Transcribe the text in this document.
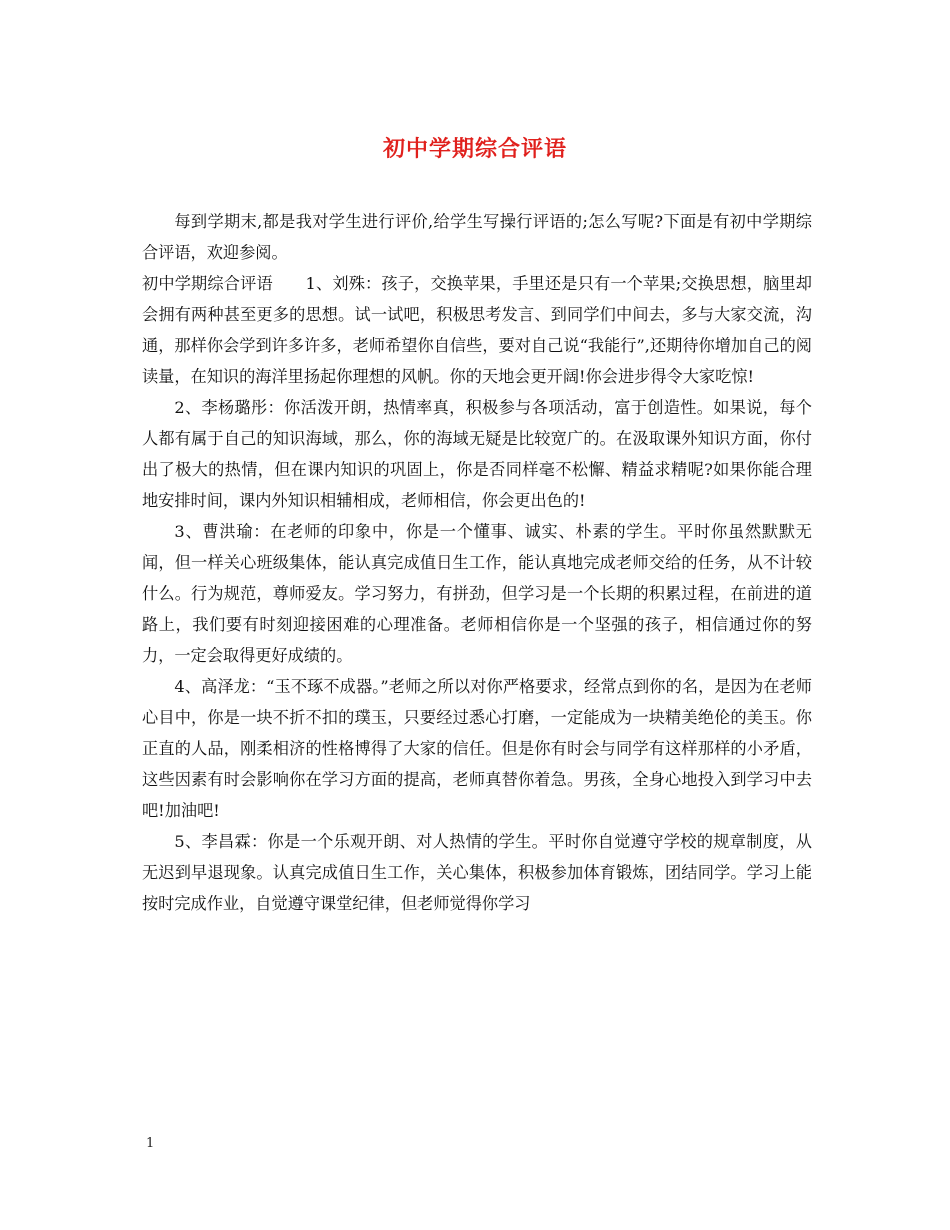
初中学期综合评语

每到学期末,都是我对学生进行评价,给学生写操行评语的;怎么写呢?下面是有初中学期综合评语，欢迎参阅。

初中学期综合评语　　1、刘殊：孩子，交换苹果，手里还是只有一个苹果;交换思想，脑里却会拥有两种甚至更多的思想。试一试吧，积极思考发言、到同学们中间去，多与大家交流，沟通，那样你会学到许多许多，老师希望你自信些，要对自己说“我能行”,还期待你增加自己的阅读量，在知识的海洋里扬起你理想的风帆。你的天地会更开阔!你会进步得令大家吃惊!

2、李杨璐彤：你活泼开朗，热情率真，积极参与各项活动，富于创造性。如果说，每个人都有属于自己的知识海域，那么，你的海域无疑是比较宽广的。在汲取课外知识方面，你付出了极大的热情，但在课内知识的巩固上，你是否同样毫不松懈、精益求精呢?如果你能合理地安排时间，课内外知识相辅相成，老师相信，你会更出色的!

3、曹洪瑜：在老师的印象中，你是一个懂事、诚实、朴素的学生。平时你虽然默默无闻，但一样关心班级集体，能认真完成值日生工作，能认真地完成老师交给的任务，从不计较什么。行为规范，尊师爱友。学习努力，有拼劲，但学习是一个长期的积累过程，在前进的道路上，我们要有时刻迎接困难的心理准备。老师相信你是一个坚强的孩子，相信通过你的努力，一定会取得更好成绩的。

4、高泽龙：“玉不琢不成器。”老师之所以对你严格要求，经常点到你的名，是因为在老师心目中，你是一块不折不扣的璞玉，只要经过悉心打磨，一定能成为一块精美绝伦的美玉。你正直的人品，刚柔相济的性格博得了大家的信任。但是你有时会与同学有这样那样的小矛盾，这些因素有时会影响你在学习方面的提高，老师真替你着急。男孩，全身心地投入到学习中去吧!加油吧!

5、李昌霖：你是一个乐观开朗、对人热情的学生。平时你自觉遵守学校的规章制度，从无迟到早退现象。认真完成值日生工作，关心集体，积极参加体育锻炼，团结同学。学习上能按时完成作业，自觉遵守课堂纪律，但老师觉得你学习

1
